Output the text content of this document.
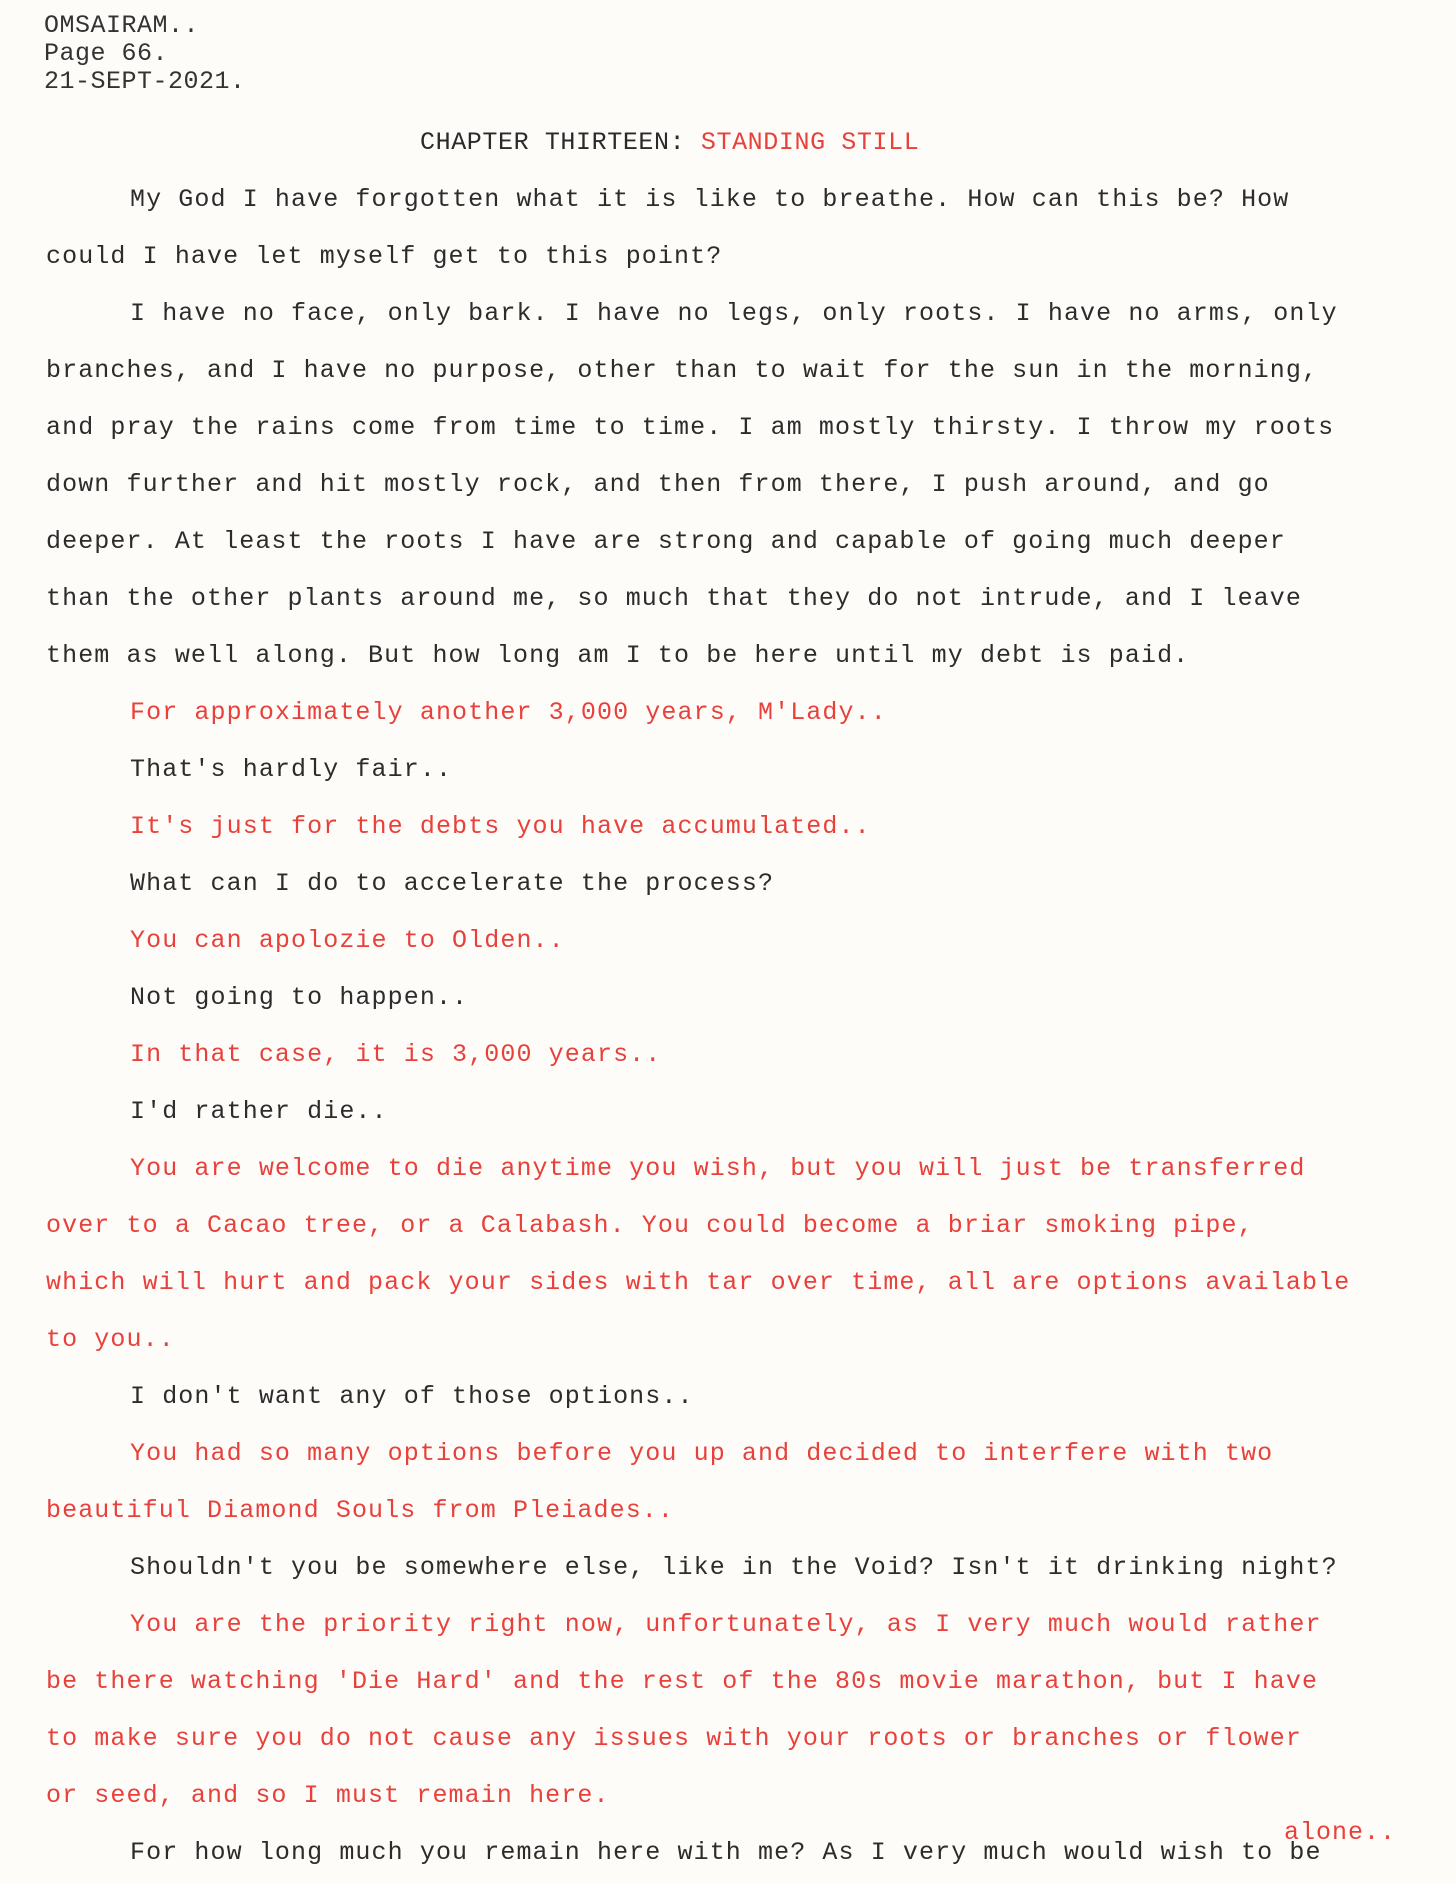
OMSAIRAM..
Page 66.
21-SEPT-2021.
CHAPTER THIRTEEN: STANDING STILL
My God I have forgotten what it is like to breathe. How can this be? How
could I have let myself get to this point?
I have no face, only bark. I have no legs, only roots. I have no arms, only
branches, and I have no purpose, other than to wait for the sun in the morning,
and pray the rains come from time to time. I am mostly thirsty. I throw my roots
down further and hit mostly rock, and then from there, I push around, and go
deeper. At least the roots I have are strong and capable of going much deeper
than the other plants around me, so much that they do not intrude, and I leave
them as well along. But how long am I to be here until my debt is paid.
For approximately another 3,000 years, M'Lady..
That's hardly fair..
It's just for the debts you have accumulated..
What can I do to accelerate the process?
You can apolozie to Olden..
Not going to happen..
In that case, it is 3,000 years..
I'd rather die..
You are welcome to die anytime you wish, but you will just be transferred
over to a Cacao tree, or a Calabash. You could become a briar smoking pipe,
which will hurt and pack your sides with tar over time, all are options available
to you..
I don't want any of those options..
You had so many options before you up and decided to interfere with two
beautiful Diamond Souls from Pleiades..
Shouldn't you be somewhere else, like in the Void? Isn't it drinking night?
You are the priority right now, unfortunately, as I very much would rather
be there watching 'Die Hard' and the rest of the 80s movie marathon, but I have
to make sure you do not cause any issues with your roots or branches or flower
or seed, and so I must remain here.
For how long much you remain here with me? As I very much would wish to be
alone..
